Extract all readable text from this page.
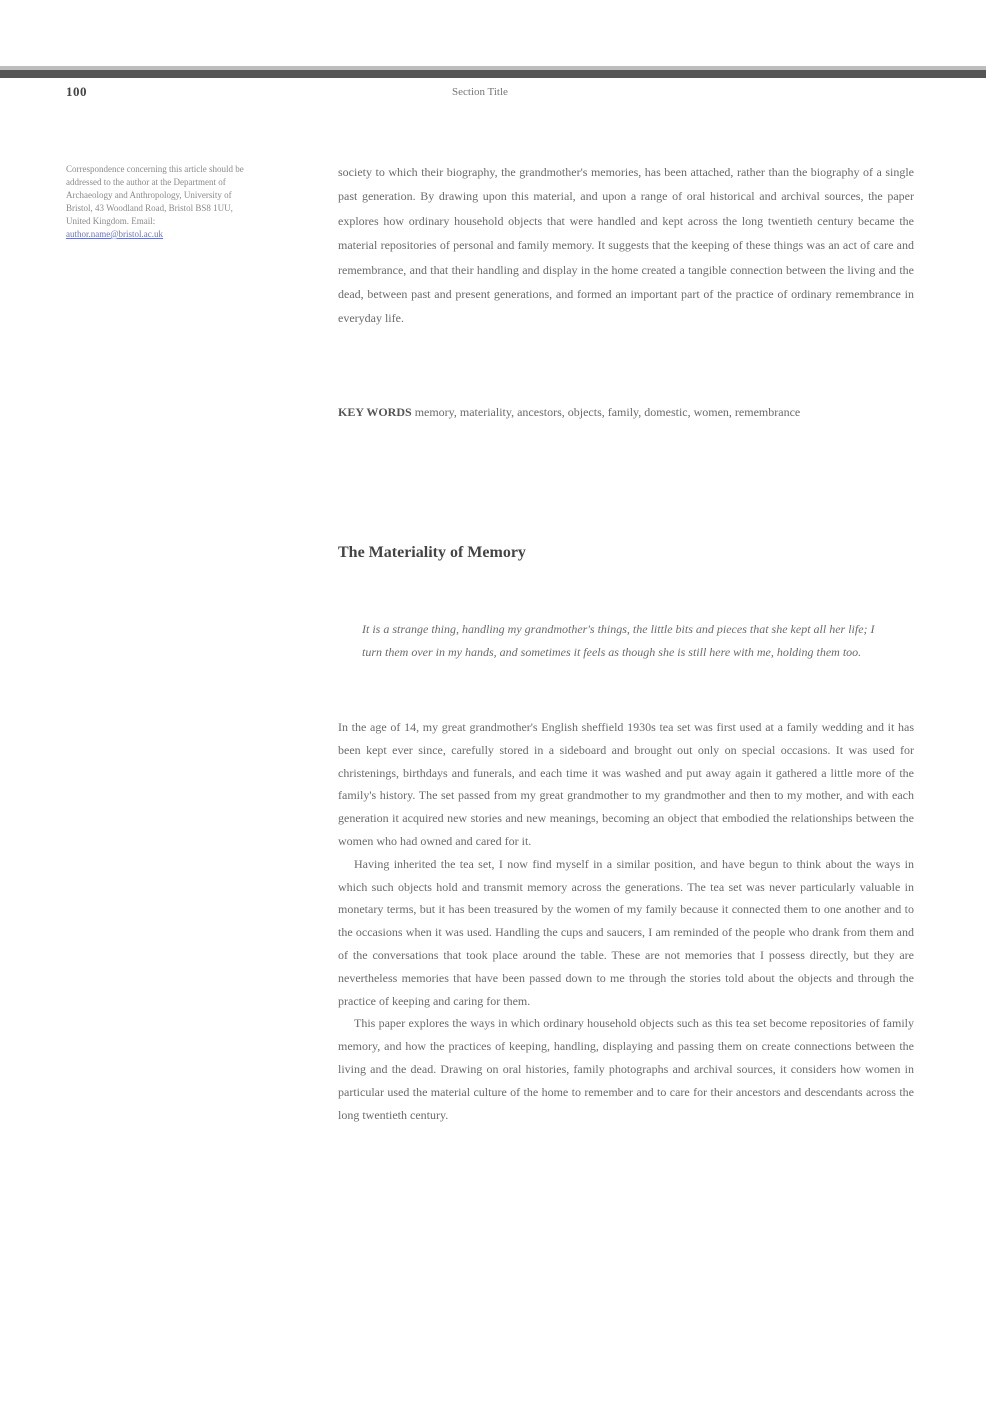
100	Section Title
Correspondence concerning this article should be addressed to the author at the Department of Archaeology and Anthropology, University of Bristol, 43 Woodland Road, Bristol BS8 1UU, United Kingdom. Email: author.name@bristol.ac.uk
society to which their biography, the grandmother's memories, has been attached, rather than the biography of a single past generation. By drawing upon this material, and upon a range of oral historical and archival sources, the paper explores how ordinary household objects that were handled and kept across the long twentieth century became the material repositories of personal and family memory. It suggests that the keeping of these things was an act of care and remembrance, and that their handling and display in the home created a tangible connection between the living and the dead, between past and present generations, and formed an important part of the practice of ordinary remembrance in everyday life.
KEY WORDS memory, materiality, ancestors, objects, family, domestic, women, remembrance
The Materiality of Memory
It is a strange thing, handling my grandmother's things, the little bits and pieces that she kept all her life; I turn them over in my hands, and sometimes it feels as though she is still here with me, holding them too.

In the age of 14, my great grandmother's English sheffield 1930s tea set was first used at a family wedding and it has been kept ever since, carefully stored in a sideboard and brought out only on special occasions. It was used for christenings, birthdays and funerals, and each time it was washed and put away again it gathered a little more of the family's history. The set passed from my great grandmother to my grandmother and then to my mother, and with each generation it acquired new stories and new meanings, becoming an object that embodied the relationships between the women who had owned and cared for it.

Having inherited the tea set, I now find myself in a similar position, and have begun to think about the ways in which such objects hold and transmit memory across the generations. The tea set was never particularly valuable in monetary terms, but it has been treasured by the women of my family because it connected them to one another and to the occasions when it was used. Handling the cups and saucers, I am reminded of the people who drank from them and of the conversations that took place around the table. These are not memories that I possess directly, but they are nevertheless memories that have been passed down to me through the stories told about the objects and through the practice of keeping and caring for them.

This paper explores the ways in which ordinary household objects such as this tea set become repositories of family memory, and how the practices of keeping, handling, displaying and passing them on create connections between the living and the dead. Drawing on oral histories, family photographs and archival sources, it considers how women in particular used the material culture of the home to remember and to care for their ancestors and descendants across the long twentieth century.
